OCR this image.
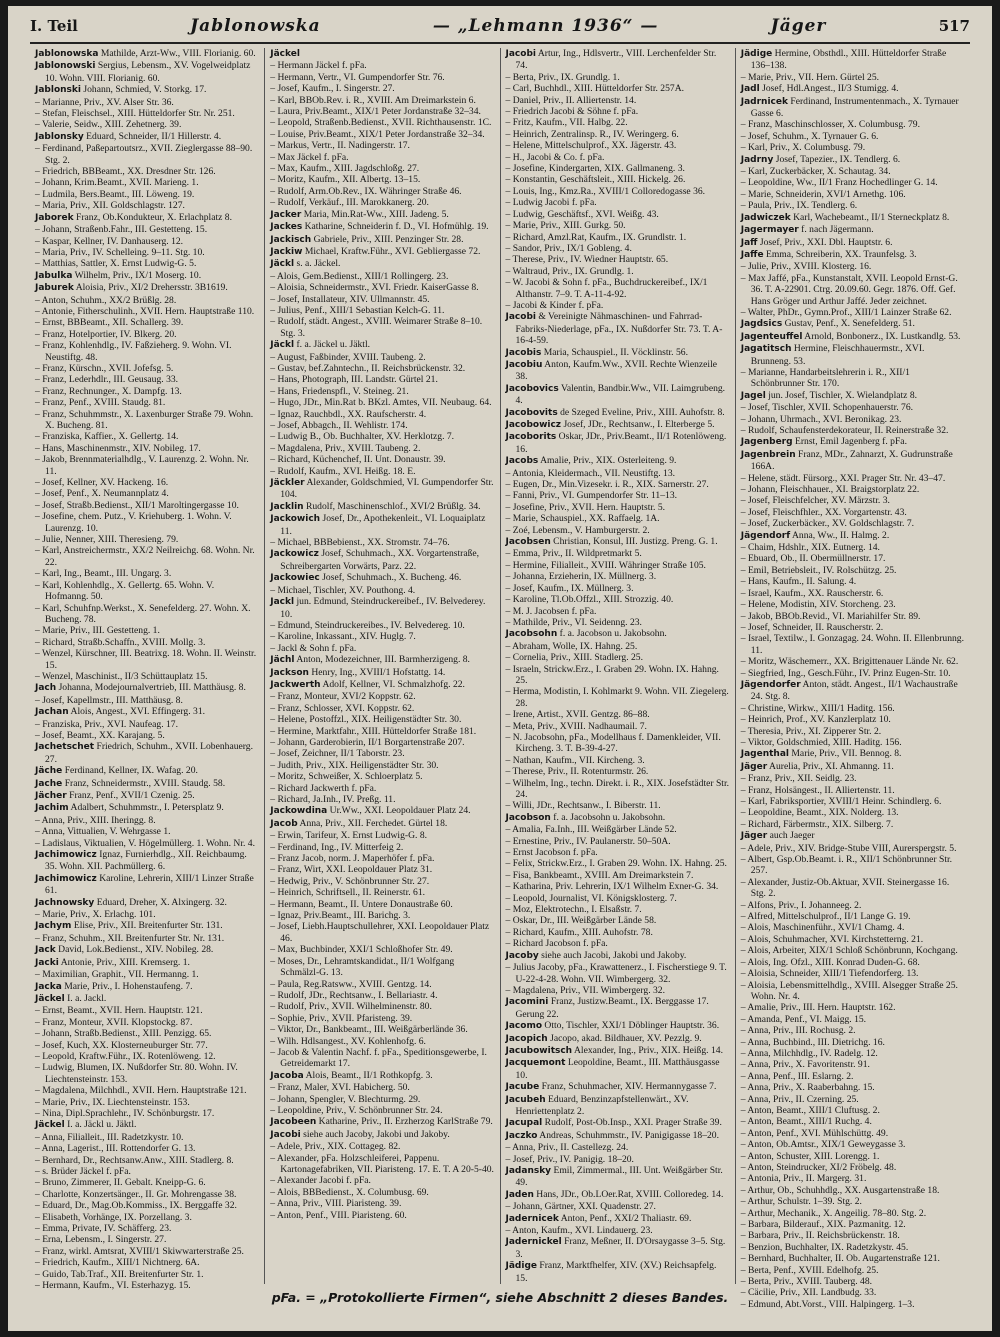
I. Teil	Jablonowska	— „Lehmann 1936“ —	Jäger	517

Jablonowska Mathilde, Arzt-Ww., VIII. Florianig. 60.

Jablonowski Sergius, Lebensm., XV. Vogelweidplatz 10. Wohn. VIII. Florianig. 60.

Jablonski Johann, Schmied, V. Storkg. 17.

– Marianne, Priv., XV. Alser Str. 36.

– Stefan, Fleischsel., XIII. Hütteldorfer Str. Nr. 251.

– Valerie, Seidw., XIII. Zehetnerg. 39.

Jablonsky Eduard, Schneider, II/1 Hillerstr. 4.

– Ferdinand, Paßepartoutsrz., XVII. Zieglergasse 88–90. Stg. 2.

– Friedrich, BBBeamt., XX. Dresdner Str. 126.

– Johann, Krim.Beamt., XVII. Marieng. 1.

– Ludmila, Bers.Beamt., III. Löweng. 19.

– Maria, Priv., XII. Goldschlagstr. 127.

Jaborek Franz, Ob.Kondukteur, X. Erlachplatz 8.

– Johann, Straßenb.Fahr., III. Gestetteng. 15.

– Kaspar, Kellner, IV. Danhauserg. 12.

– Maria, Priv., IV. Schelleing. 9–11. Stg. 10.

– Matthias, Sattler, X. Ernst Ludwig-G. 5.

Jabulka Wilhelm, Priv., IX/1 Moserg. 10.

Jaburek Aloisia, Priv., XI/2 Drehersstr. 3B1619.

– Anton, Schuhm., XX/2 Brüßlg. 28.

– Antonie, Fitherschulinh., XVII. Hern. Hauptstraße 110.

– Ernst, BBBeamt., XII. Schallerg. 39.

– Franz, Hotelportier, IV. Blkerg. 20.

– Franz, Kohlenhdlg., IV. Faßzieherg. 9. Wohn. VI. Neustiftg. 48.

– Franz, Kürschn., XVII. Jofefsg. 5.

– Franz, Lederhdlr., III. Geusaug. 33.

– Franz, Rechnunger., X. Dampfg. 13.

– Franz, Penf., XVIII. Staudg. 81.

– Franz, Schuhmmstr., X. Laxenburger Straße 79. Wohn. X. Bucheng. 81.

– Franziska, Kaffier., X. Gellertg. 14.

– Hans, Maschinenmstr., XIV. Nobileg. 17.

– Jakob, Brennmaterialhdlg., V. Laurenzg. 2. Wohn. Nr. 11.

– Josef, Kellner, XV. Hackeng. 16.

– Josef, Penf., X. Neumannplatz 4.

– Josef, Straßb.Bedienst., XII/1 Maroltingergasse 10.

– Josefine, chem. Putz., V. Kriehuberg. 1. Wohn. V. Laurenzg. 10.

– Julie, Nenner, XIII. Theresieng. 79.

– Karl, Anstreichermstr., XX/2 Neilreichg. 68. Wohn. Nr. 22.

– Karl, Ing., Beamt., III. Ungarg. 3.

– Karl, Kohlenhdlg., X. Gellertg. 65. Wohn. V. Hofmanng. 50.

– Karl, Schuhfnp.Werkst., X. Senefelderg. 27. Wohn. X. Bucheng. 78.

– Marie, Priv., III. Gestetteng. 1.

– Richard, Straßb.Schaffn., XVIII. Mollg. 3.

– Wenzel, Kürschner, III. Beatrixg. 18. Wohn. II. Weinstr. 15.

– Wenzel, Maschinist., II/3 Schüttauplatz 15.

Jach Johanna, Modejournalvertrieb, III. Matthäusg. 8.

– Josef, Kapellmstr., III. Matthäusg. 8.

Jachan Alois, Angest., XVI. Effingerg. 31.

– Franziska, Priv., XVI. Naufeag. 17.

– Josef, Beamt., XX. Karajang. 5.

Jachetschet Friedrich, Schuhm., XVII. Lobenhauerg. 27.

Jäche Ferdinand, Kellner, IX. Wafag. 20.

Jache Franz, Schneidermstr., XVIII. Staudg. 58.

Jächer Franz, Penf., XVII/1 Czenig. 25.

Jachim Adalbert, Schuhmmstr., I. Petersplatz 9.

– Anna, Priv., XIII. Iheringg. 8.

– Anna, Vittualien, V. Wehrgasse 1.

– Ladislaus, Viktualien, V. Högelmüllerg. 1. Wohn. Nr. 4.

Jachimowicz Ignaz, Furnierhdlg., XII. Reichbaumg. 35. Wohn. XII. Pachmüllerg. 6.

Jachimowicz Karoline, Lehrerin, XIII/1 Linzer Straße 61.

Jachnowsky Eduard, Dreher, X. Alxingerg. 32.

– Marie, Priv., X. Erlachg. 101.

Jachym Elise, Priv., XII. Breitenfurter Str. 131.

– Franz, Schuhm., XII. Breitenfurter Str. Nr. 131.

Jack David, Lok.Bedienst., XIV. Nobileg. 28.

Jacki Antonie, Priv., XIII. Kremserg. 1.

– Maximilian, Graphit., VII. Hermanng. 1.

Jacka Marie, Priv., I. Hohenstaufeng. 7.

Jäckel I. a. Jackl.

– Ernst, Beamt., XVII. Hern. Hauptstr. 121.

– Franz, Monteur, XVII. Klopstockg. 87.

– Johann, Straßb.Bedienst., XIII. Penzigg. 65.

– Josef, Kuch, XX. Klosterneuburger Str. 77.

– Leopold, Kraftw.Führ., IX. Rotenlöweng. 12.

– Ludwig, Blumen, IX. Nußdorfer Str. 80. Wohn. IV. Liechtensteinstr. 153.

– Magdalena, Milchhdl., XVII. Hern. Hauptstraße 121.

– Marie, Priv., IX. Liechtensteinstr. 153.

– Nina, Dipl.Sprachlehr., IV. Schönburgstr. 17.

Jäckel I. a. Jäckl u. Jäktl.

– Anna, Filialleit., III. Radetzkystr. 10.

– Anna, Lagerist., III. Rottendorfer G. 13.

– Bernhard, Dr., Rechtsanw.Anw., XIII. Stadlerg. 8.

– s. Brüder Jäckel f. pFa.

– Bruno, Zimmerer, II. Gebalt. Kneipp-G. 6.

– Charlotte, Konzertsänger., II. Gr. Mohrengasse 38.

– Eduard, Dr., Mag.Ob.Kommiss., IX. Berggaffe 32.

– Elisabeth, Vorhänge, IX. Porzellang. 3.

– Emma, Private, IV. Schäfferg. 23.

– Erna, Lebensm., I. Singerstr. 27.

– Franz, wirkl. Amtsrat, XVIII/1 Skiwwarterstraße 25.

– Friedrich, Kaufm., XIII/1 Nichtnerg. 6A.

– Guido, Tab.Traf., XII. Breitenfurter Str. 1.

– Hermann, Kaufm., VI. Esterhazyg. 15.

Jäckel

– Hermann Jäckel f. pFa.

– Hermann, Vertr., VI. Gumpendorfer Str. 76.

– Josef, Kaufm., I. Singerstr. 27.

– Karl, BBOb.Rev. i. R., XVIII. Am Dreimarkstein 6.

– Laura, Priv.Beamt., XIX/1 Peter Jordanstraße 32–34.

– Leopold, Straßenb.Bedienst., XVII. Richthausenstr. 1C.

– Louise, Priv.Beamt., XIX/1 Peter Jordanstraße 32–34.

– Markus, Vertr., II. Nadingerstr. 17.

– Max Jäckel f. pFa.

– Max, Kaufm., XIII. Jagdschloßg. 27.

– Moritz, Kaufm., XII. Albertg. 13–15.

– Rudolf, Arm.Ob.Rev., IX. Währinger Straße 46.

– Rudolf, Verkäuf., III. Marokkanerg. 20.

Jacker Maria, Min.Rat-Ww., XIII. Jadeng. 5.

Jackes Katharine, Schneiderin f. D., VI. Hofmühlg. 19.

Jackisch Gabriele, Priv., XIII. Penzinger Str. 28.

Jackiw Michael, Kraftw.Führ., XVI. Gebliergasse 72.

Jäckl s. a. Jäckel.

– Alois, Gem.Bedienst., XIII/1 Rollingerg. 23.

– Aloisia, Schneidermstr., XVI. Friedr. KaiserGasse 8.

– Josef, Installateur, XIV. Ullmannstr. 45.

– Julius, Penf., XIII/1 Sebastian Kelch-G. 11.

– Rudolf, städt. Angest., XVIII. Weimarer Straße 8–10. Stg. 3.

Jäckl f. a. Jäckel u. Jäktl.

– August, Faßbinder, XVIII. Taubeng. 2.

– Gustav, bef.Zahntechn., II. Reichsbrückenstr. 32.

– Hans, Photograph, III. Landstr. Gürtel 21.

– Hans, Friedenspfl., V. Steineg. 21.

– Hugo, JDr., Min.Rat b. BKzl. Amtes, VII. Neubaug. 64.

– Ignaz, Rauchbdl., XX. Raufscherstr. 4.

– Josef, Abbagch., II. Wehlistr. 174.

– Ludwig B., Ob. Buchhalter, XV. Herklotzg. 7.

– Magdalena, Priv., XVIII. Taubeng. 2.

– Richard, Küchenchef, II. Unt. Donaustr. 39.

– Rudolf, Kaufm., XVI. Heißg. 18. E.

Jäckler Alexander, Goldschmied, VI. Gumpendorfer Str. 104.

Jacklin Rudolf, Maschinenschlof., XVI/2 Brüßlg. 34.

Jackowich Josef, Dr., Apothekenleit., VI. Loquaiplatz 11.

– Michael, BBBebienst., XX. Stromstr. 74–76.

Jackowicz Josef, Schuhmach., XX. Vorgartenstraße, Schreibergarten Vorwärts, Parz. 22.

Jackowiec Josef, Schuhmach., X. Bucheng. 46.

– Michael, Tischler, XV. Pouthong. 4.

Jackl jun. Edmund, Steindruckereibef., IV. Belvederey. 10.

– Edmund, Steindruckereibes., IV. Belvedereg. 10.

– Karoline, Inkassant., XIV. Huglg. 7.

– Jackl & Sohn f. pFa.

Jächl Anton, Modezeichner, III. Barmherzigeng. 8.

Jackson Henry, Ing., XVIII/1 Hofstattg. 14.

Jackwerth Adolf, Kellner, VI. Schmalzhofg. 22.

– Franz, Monteur, XVI/2 Koppstr. 62.

– Franz, Schlosser, XVI. Koppstr. 62.

– Helene, Postoffzl., XIX. Heiligenstädter Str. 30.

– Hermine, Marktfahr., XIII. Hütteldorfer Straße 181.

– Johann, Garderobierin, II/1 Borgartenstraße 207.

– Josef, Zeichner, II/1 Taborstr. 23.

– Judith, Priv., XIX. Heiligenstädter Str. 30.

– Moritz, Schweißer, X. Schloerplatz 5.

– Richard Jackwerth f. pFa.

– Richard, Ja.Inh., IV. Preßg. 11.

Jackowdina Ur.Ww., XXI. Leopoldauer Platz 24.

Jacob Anna, Priv., XII. Ferchedet. Gürtel 18.

– Erwin, Tarifeur, X. Ernst Ludwig-G. 8.

– Ferdinand, Ing., IV. Mitterfeig 2.

– Franz Jacob, norm. J. Maperhöfer f. pFa.

– Franz, Wirt, XXI. Leopoldauer Platz 31.

– Hedwig, Priv., V. Schönbrunner Str. 27.

– Heinrich, Schriftsell., II. Reinerstr. 61.

– Hermann, Beamt., II. Untere Donaustraße 60.

– Ignaz, Priv.Beamt., III. Barichg. 3.

– Josef, Liebh.Hauptschullehrer, XXI. Leopoldauer Platz 46.

– Max, Buchbinder, XXI/1 Schloßhofer Str. 49.

– Moses, Dr., Lehramtskandidat., II/1 Wolfgang Schmälzl-G. 13.

– Paula, Reg.Ratsww., XVIII. Gentzg. 14.

– Rudolf, JDr., Rechtsanw., I. Bellariastr. 4.

– Rudolf, Priv., XVII. Wilhelminenstr. 80.

– Sophie, Priv., XVII. Pfaristeng. 39.

– Viktor, Dr., Bankbeamt., III. Weißgärberlände 36.

– Wilh. Hdlsangest., XV. Kohlenhofg. 6.

– Jacob & Valentin Nachf. f. pFa., Speditionsgewerbe, I. Getreidemarkt 17.

Jacoba Alois, Beamt., II/1 Rothkopfg. 3.

– Franz, Maler, XVI. Habicherg. 50.

– Johann, Spengler, V. Blechturmg. 29.

– Leopoldine, Priv., V. Schönbrunner Str. 24.

Jacobeen Katharine, Priv., II. Erzherzog KarlStraße 79.

Jacobi siehe auch Jacoby, Jakobi und Jakoby.

– Adele, Priv., XIX. Cottageg. 82.

– Alexander, pFa. Holzschleiferei, Pappenu. Kartonagefabriken, VII. Piaristeng. 17. E. T. A 20-5-40.

– Alexander Jacobi f. pFa.

– Alois, BBBedienst., X. Columbusg. 69.

– Anna, Priv., VIII. Piaristeng. 39.

– Anton, Penf., VIII. Piaristeng. 60.

Jacobi Artur, Ing., Hdlsvertr., VIII. Lerchenfelder Str. 74.

– Berta, Priv., IX. Grundlg. 1.

– Carl, Buchhdl., XIII. Hütteldorfer Str. 257A.

– Daniel, Priv., II. Alliertenstr. 14.

– Friedrich Jacobi & Söhne f. pFa.

– Fritz, Kaufm., VII. Halbg. 22.

– Heinrich, Zentralinsp. R., IV. Weringerg. 6.

– Helene, Mittelschulprof., XX. Jägerstr. 43.

– H., Jacobi & Co. f. pFa.

– Josefine, Kindergarten, XIX. Gallmaneng. 3.

– Konstantin, Geschäftsleit., XIII. Hickelg. 26.

– Louis, Ing., Kmz.Ra., XVIII/1 Colloredogasse 36.

– Ludwig Jacobi f. pFa.

– Ludwig, Geschäftsf., XVI. Weißg. 43.

– Marie, Priv., XIII. Gurkg. 50.

– Richard, Amzl.Rat, Kaufm., IX. Grundlstr. 1.

– Sandor, Priv., IX/1 Gobleng. 4.

– Therese, Priv., IV. Wiedner Hauptstr. 65.

– Waltraud, Priv., IX. Grundlg. 1.

– W. Jacobi & Sohn f. pFa., Buchdruckereibef., IX/1 Althanstr. 7–9. T. A-11-4-92.

– Jacobi & Kinder f. pFa.

Jacobi & Vereinigte Nähmaschinen- und Fahrrad-Fabriks-Niederlage, pFa., IX. Nußdorfer Str. 73. T. A-16-4-59.

Jacobis Maria, Schauspiel., II. Vöcklinstr. 56.

Jacobiu Anton, Kaufm.Ww., XVII. Rechte Wienzeile 38.

Jacobovics Valentin, Bandbir.Ww., VII. Laimgrubeng. 4.

Jacobovits de Szeged Eveline, Priv., XIII. Auhofstr. 8.

Jacobowicz Josef, JDr., Rechtsanw., I. Elterberge 5.

Jacoborits Oskar, JDr., Priv.Beamt., II/1 Rotenlöweng. 16.

Jacobs Amalie, Priv., XIX. Osterleiteng. 9.

– Antonia, Kleidermach., VII. Neustiftg. 13.

– Eugen, Dr., Min.Vizesekr. i. R., XIX. Sarnerstr. 27.

– Fanni, Priv., VI. Gumpendorfer Str. 11–13.

– Josefine, Priv., XVII. Hern. Hauptstr. 5.

– Marie, Schauspiel., XX. Raffaelg. 1A.

– Zoé, Lebensm., V. Hamburgerstr. 2.

Jacobsen Christian, Konsul, III. Justizg. Preng. G. 1.

– Emma, Priv., II. Wildpretmarkt 5.

– Hermine, Filialleit., XVIII. Währinger Straße 105.

– Johanna, Erzieherin, IX. Müllnerg. 3.

– Josef, Kaufm., IX. Müllnerg. 3.

– Karoline, Tl.Ob.Offzl., XIII. Strozzig. 40.

– M. J. Jacobsen f. pFa.

– Mathilde, Priv., VI. Seidenng. 23.

Jacobsohn f. a. Jacobson u. Jakobsohn.

– Abraham, Wolle, IX. Hahng. 25.

– Cornelia, Priv., XIII. Stadlerg. 25.

– Israeln, Strickw.Erz., I. Graben 29. Wohn. IX. Hahng. 25.

– Herma, Modistin, I. Kohlmarkt 9. Wohn. VII. Ziegelerg. 28.

– Irene, Artist., XVII. Gentzg. 86–88.

– Meta, Priv., XVIII. Nadhaumail. 7.

– N. Jacobsohn, pFa., Modellhaus f. Damenkleider, VII. Kircheng. 3. T. B-39-4-27.

– Nathan, Kaufm., VII. Kircheng. 3.

– Therese, Priv., II. Rotenturmstr. 26.

– Wilhelm, Ing., techn. Direkt. i. R., XIX. Josefstädter Str. 24.

– Willi, JDr., Rechtsanw., I. Biberstr. 11.

Jacobson f. a. Jacobsohn u. Jakobsohn.

– Amalia, Fa.Inh., III. Weißgärber Lände 52.

– Ernestine, Priv., IV. Paulanerstr. 50–50A.

– Ernst Jacobson f. pFa.

– Felix, Strickw.Erz., I. Graben 29. Wohn. IX. Hahng. 25.

– Fisa, Bankbeamt., XVIII. Am Dreimarkstein 7.

– Katharina, Priv. Lehrerin, IX/1 Wilhelm Exner-G. 34.

– Leopold, Journalist, VI. Königsklosterg. 7.

– Moz, Elektrotechn., I. Elsaßstr. 7.

– Oskar, Dr., III. Weißgärber Lände 58.

– Richard, Kaufm., XIII. Auhofstr. 78.

– Richard Jacobson f. pFa.

Jacoby siehe auch Jacobi, Jakobi und Jakoby.

– Julius Jacoby, pFa., Krawattenerz., I. Fischerstiege 9. T. U-22-4-28. Wohn. VII. Wimbergerg. 32.

– Magdalena, Priv., VII. Wimbergerg. 32.

Jacomini Franz, Justizw.Beamt., IX. Berggasse 17. Gerung 22.

Jacomo Otto, Tischler, XXI/1 Döblinger Hauptstr. 36.

Jacopich Jacopo, akad. Bildhauer, XV. Pezzlg. 9.

Jacubowitsch Alexander, Ing., Priv., XIX. Heißg. 14.

Jacquemont Leopoldine, Beamt., III. Matthäusgasse 10.

Jacube Franz, Schuhmacher, XIV. Hermannygasse 7.

Jacubeh Eduard, Benzinzapfstellenwärt., XV. Henriettenplatz 2.

Jacupal Rudolf, Post-Ob.Insp., XXI. Prager Straße 39.

Jaczko Andreas, Schuhmmstr., IV. Panigigasse 18–20.

– Anna, Priv., II. Castellezg. 24.

– Josef, Priv., IV. Panigig. 18–20.

Jadansky Emil, Zimmermal., III. Unt. Weißgärber Str. 49.

Jaden Hans, JDr., Ob.LOer.Rat, XVIII. Colloredeg. 14.

– Johann, Gärtner, XXI. Quadenstr. 27.

Jadernicek Anton, Penf., XXI/2 Thaliastr. 69.

– Anton, Kaufm., XVI. Lindauerg. 23.

Jadernickel Franz, Meßner, II. D'Orsaygasse 3–5. Stg. 3.

Jädige Franz, Marktfhelfer, XIV. (XV.) Reichsapfelg. 15.

Jädige Hermine, Obsthdl., XIII. Hütteldorfer Straße 136–138.

– Marie, Priv., VII. Hern. Gürtel 25.

Jadl Josef, Hdl.Angest., II/3 Stumigg. 4.

Jadrnicek Ferdinand, Instrumentenmach., X. Tyrnauer Gasse 6.

– Franz, Maschinschlosser, X. Columbusg. 79.

– Josef, Schuhm., X. Tyrnauer G. 6.

– Karl, Priv., X. Columbusg. 79.

Jadrny Josef, Tapezier., IX. Tendlerg. 6.

– Karl, Zuckerbäcker, X. Schautag. 34.

– Leopoldine, Ww., II/1 Franz Hochedlinger G. 14.

– Marie, Schneiderin, XVI/1 Arnethg. 106.

– Paula, Priv., IX. Tendlerg. 6.

Jadwiczek Karl, Wachebeamt., II/1 Sterneckplatz 8.

Jagermayer f. nach Jägermann.

Jaff Josef, Priv., XXI. Dbl. Hauptstr. 6.

Jaffe Emma, Schreiberin, XX. Traunfelsg. 3.

– Julie, Priv., XVIII. Klosterg. 16.

– Max Jaffé, pFa., Kunstanstalt, XVII. Leopold Ernst-G. 36. T. A-22901. Ctrg. 20.09.60. Gegr. 1876. Off. Gef. Hans Gröger und Arthur Jaffé. Jeder zeichnet.

– Walter, PhDr., Gymn.Prof., XIII/1 Lainzer Straße 62.

Jagdsics Gustav, Penf., X. Senefelderg. 51.

Jagenteuffel Arnold, Bonbonerz., IX. Lustkandlg. 53.

Jagatitsch Hermine, Fleischhauermstr., XVI. Brunneng. 53.

– Marianne, Handarbeitslehrerin i. R., XII/1 Schönbrunner Str. 170.

Jagel jun. Josef, Tischler, X. Wielandplatz 8.

– Josef, Tischler, XVII. Schopenhauerstr. 76.

– Johann, Uhrmach., XVI. Beronikag. 23.

– Rudolf, Schaufensterdekorateur, II. Reinerstraße 32.

Jagenberg Ernst, Emil Jagenberg f. pFa.

Jagenbrein Franz, MDr., Zahnarzt, X. Gudrunstraße 166A.

– Helene, städt. Fürsorg., XXI. Prager Str. Nr. 43–47.

– Johann, Fleischhauer., XI. Braigstorplatz 22.

– Josef, Fleischfelcher, XV. Märzstr. 3.

– Josef, Fleischfhler., XX. Vorgartenstr. 43.

– Josef, Zuckerbäcker., XV. Goldschlagstr. 7.

Jägendorf Anna, Ww., II. Halmg. 2.

– Chaim, Hdshlr., XIX. Eutnerg. 14.

– Ebuard, Ob., II. Obermüllnerstr. 17.

– Emil, Betriebsleit., IV. Rolschützg. 25.

– Hans, Kaufm., II. Salung. 4.

– Israel, Kaufm., XX. Rauscherstr. 6.

– Helene, Modistin, XIV. Storcheng. 23.

– Jakob, BBOb.Revid., VI. Mariahilfer Str. 89.

– Josef, Schneider, II. Rauscherstr. 2.

– Israel, Textilw., I. Gonzagag. 24. Wohn. II. Ellenbrunng. 11.

– Moritz, Wäschemerr., XX. Brigittenauer Lände Nr. 62.

– Siegfried, Ing., Gesch.Führ., IV. Prinz Eugen-Str. 10.

Jägendorfer Anton, städt. Angest., II/1 Wachaustraße 24. Stg. 8.

– Christine, Wirkw., XIII/1 Haditg. 156.

– Heinrich, Prof., XV. Kanzlerplatz 10.

– Theresia, Priv., XI. Zipperer Str. 2.

– Viktor, Goldschmied, XIII. Haditg. 156.

Jagenthal Marie, Priv., VII. Bennog. 8.

Jäger Aurelia, Priv., XI. Ahmanng. 11.

– Franz, Priv., XII. Seidlg. 23.

– Franz, Holsängest., II. Alliertenstr. 11.

– Karl, Fabriksportier, XVIII/1 Heinr. Schindlerg. 6.

– Leopoldine, Beamt., XIX. Nolderg. 13.

– Richard, Färbermstr., XIX. Silberg. 7.

Jäger auch Jaeger

– Adele, Priv., XIV. Bridge-Stube VIII, Aurerspergstr. 5.

– Albert, Gsp.Ob.Beamt. i. R., XII/1 Schönbrunner Str. 257.

– Alexander, Justiz-Ob.Aktuar, XVII. Steinergasse 16. Stg. 2.

– Alfons, Priv., I. Johanneeg. 2.

– Alfred, Mittelschulprof., II/1 Lange G. 19.

– Alois, Maschinenführ., XVI/1 Chamg. 4.

– Alois, Schuhmacher, XVI. Kirchstetterng. 21.

– Alois, Arbeiter, XIX/1 Schloß Schönbrunn, Kochgang.

– Alois, Ing. Ofzl., XIII. Konrad Duden-G. 68.

– Aloisia, Schneider, XIII/1 Tiefendorferg. 13.

– Aloisia, Lebensmittelhdlg., XVIII. Alsegger Straße 25. Wohn. Nr. 4.

– Amalie, Priv., III. Hern. Hauptstr. 162.

– Amanda, Penf., VI. Maigg. 15.

– Anna, Priv., III. Rochusg. 2.

– Anna, Buchbind., III. Dietrichg. 16.

– Anna, Milchhdlg., IV. Radelg. 12.

– Anna, Priv., X. Favoritenstr. 91.

– Anna, Penf., III. Eslarng. 2.

– Anna, Priv., X. Raaberbahng. 15.

– Anna, Priv., II. Czerning. 25.

– Anton, Beamt., XIII/1 Cluftusg. 2.

– Anton, Beamt., XIII/1 Ruchg. 4.

– Anton, Penf., XVI. Mühlschüttg. 49.

– Anton, Ob.Amtsr., XIX/1 Geweygasse 3.

– Anton, Schuster, XIII. Lorengg. 1.

– Anton, Steindrucker, XI/2 Fröbelg. 48.

– Antonia, Priv., II. Margerg. 31.

– Arthur, Ob., Schuhhdlg., XX. Ausgartenstraße 18.

– Arthur, Schulstr. 1–39. Stg. 2.

– Arthur, Mechanik., X. Angeilig. 78–80. Stg. 2.

– Barbara, Bilderauf., XIX. Pazmanitg. 12.

– Barbara, Priv., II. Reichsbrückenstr. 18.

– Benzion, Buchhalter, IX. Radetzkystr. 45.

– Bernhard, Buchhalter, II. Ob. Augartenstraße 121.

– Berta, Penf., XVIII. Edelhofg. 25.

– Berta, Priv., XVIII. Tauberg. 48.

– Cäcilie, Priv., XII. Landbudg. 33.

– Edmund, Abt.Vorst., VIII. Halpingerg. 1–3.

pFa. = „Protokollierte Firmen“, siehe Abschnitt 2 dieses Bandes.
